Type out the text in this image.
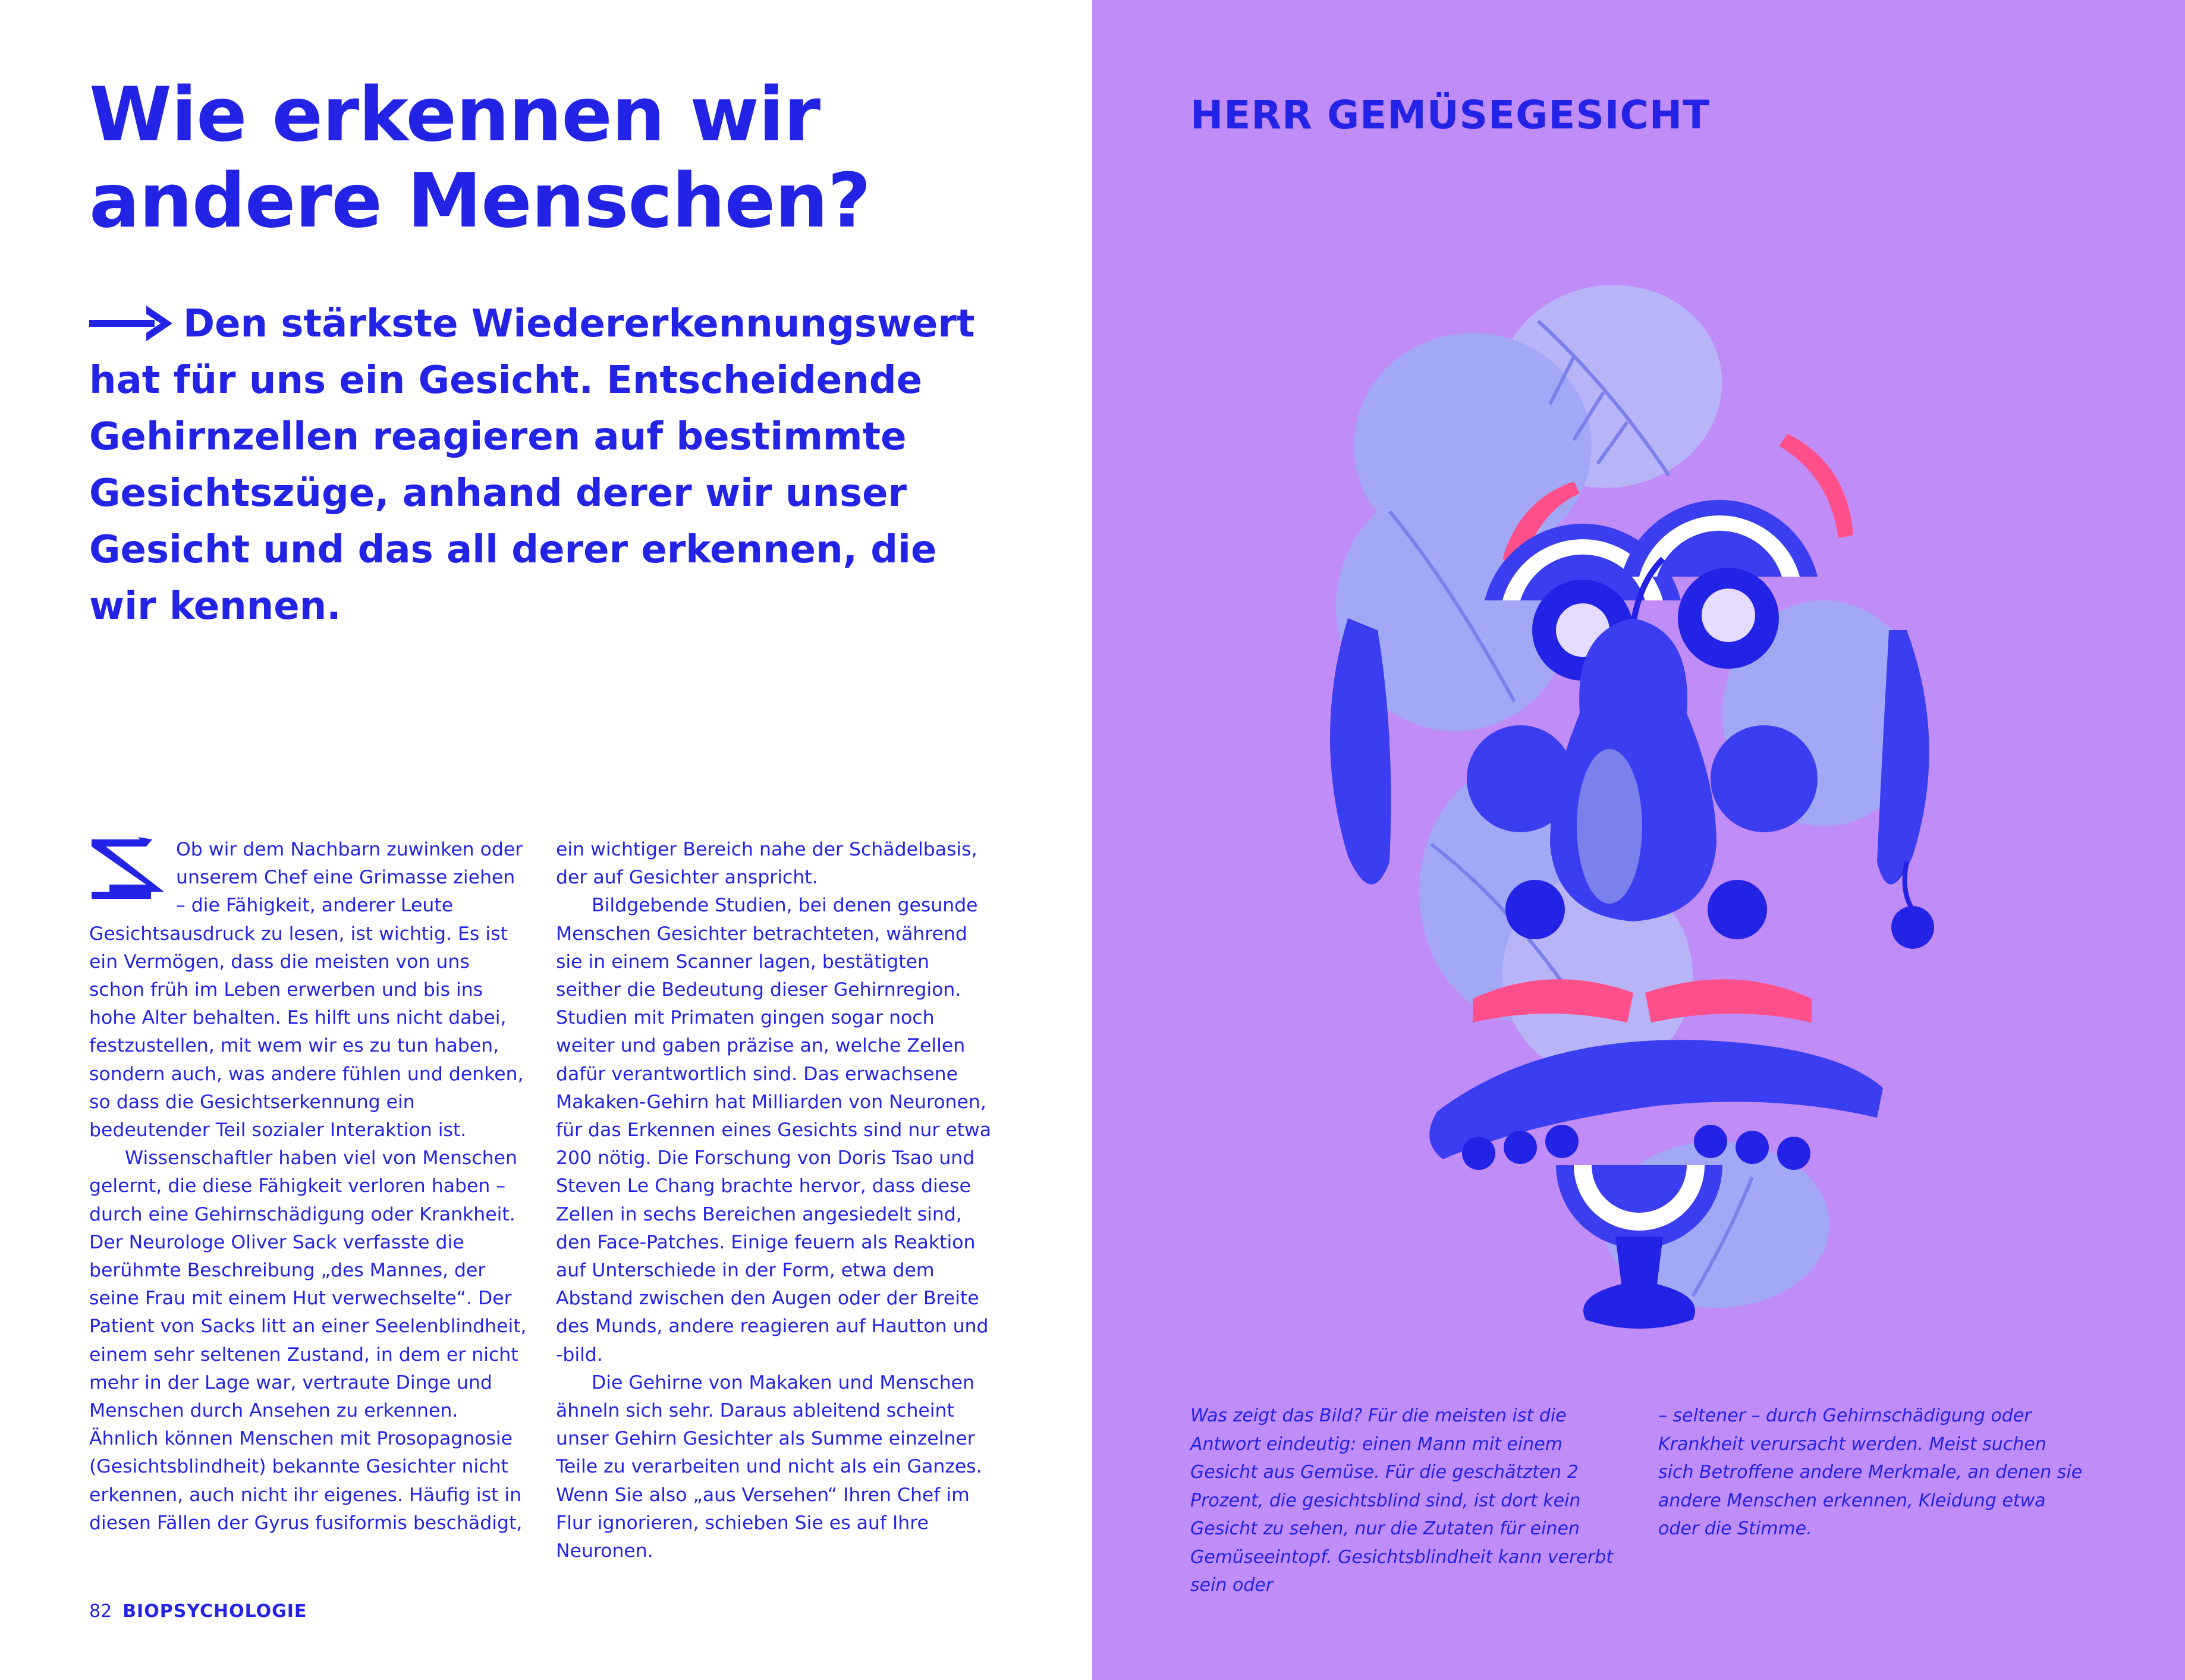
Wie erkennen wir
andere Menschen?

Den stärkste Wiedererkennungswert
hat für uns ein Gesicht. Entscheidende
Gehirnzellen reagieren auf bestimmte
Gesichtszüge, anhand derer wir unser
Gesicht und das all derer erkennen, die
wir kennen.

Ob wir dem Nachbarn zuwinken oder unserem Chef eine Grimasse ziehen – die Fähigkeit, anderer Leute Gesichtsausdruck zu lesen, ist wichtig. Es ist ein Vermögen, dass die meisten von uns schon früh im Leben erwerben und bis ins hohe Alter behalten. Es hilft uns nicht dabei, festzustellen, mit wem wir es zu tun haben, sondern auch, was andere fühlen und denken, so dass die Gesichtserkennung ein bedeutender Teil sozialer Interaktion ist.

Wissenschaftler haben viel von Menschen gelernt, die diese Fähigkeit verloren haben – durch eine Gehirnschädigung oder Krankheit. Der Neurologe Oliver Sack verfasste die berühmte Beschreibung „des Mannes, der seine Frau mit einem Hut verwechselte“. Der Patient von Sacks litt an einer Seelenblindheit, einem sehr seltenen Zustand, in dem er nicht mehr in der Lage war, vertraute Dinge und Menschen durch Ansehen zu erkennen. Ähnlich können Menschen mit Prosopagnosie (Gesichtsblindheit) bekannte Gesichter nicht erkennen, auch nicht ihr eigenes. Häufig ist in diesen Fällen der Gyrus fusiformis beschädigt,

ein wichtiger Bereich nahe der Schädelbasis, der auf Gesichter anspricht.

Bildgebende Studien, bei denen gesunde Menschen Gesichter betrachteten, während sie in einem Scanner lagen, bestätigten seither die Bedeutung dieser Gehirnregion. Studien mit Primaten gingen sogar noch weiter und gaben präzise an, welche Zellen dafür verantwortlich sind. Das erwachsene Makaken-Gehirn hat Milliarden von Neuronen, für das Erkennen eines Gesichts sind nur etwa 200 nötig. Die Forschung von Doris Tsao und Steven Le Chang brachte hervor, dass diese Zellen in sechs Bereichen angesiedelt sind, den Face-Patches. Einige feuern als Reaktion auf Unterschiede in der Form, etwa dem Abstand zwischen den Augen oder der Breite des Munds, andere reagieren auf Hautton und -bild.

Die Gehirne von Makaken und Menschen ähneln sich sehr. Daraus ableitend scheint unser Gehirn Gesichter als Summe einzelner Teile zu verarbeiten und nicht als ein Ganzes. Wenn Sie also „aus Versehen“ Ihren Chef im Flur ignorieren, schieben Sie es auf Ihre Neuronen.

82 BIOPSYCHOLOGIE
HERR GEMÜSEGESICHT

Was zeigt das Bild? Für die meisten ist die Antwort eindeutig: einen Mann mit einem Gesicht aus Gemüse. Für die geschätzten 2 Prozent, die gesichtsblind sind, ist dort kein Gesicht zu sehen, nur die Zutaten für einen Gemüseeintopf. Gesichtsblindheit kann vererbt sein oder

– seltener – durch Gehirnschädigung oder Krankheit verursacht werden. Meist suchen sich Betroffene andere Merkmale, an denen sie andere Menschen erkennen, Kleidung etwa oder die Stimme.
